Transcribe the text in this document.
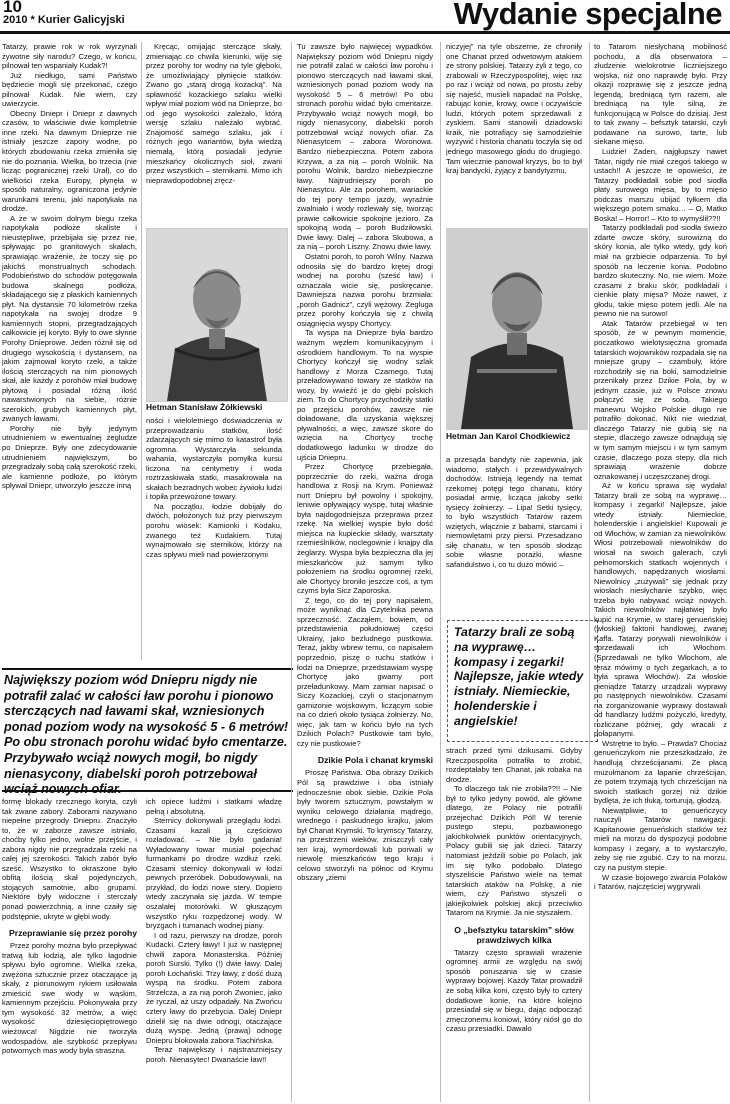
10
2010 * Kurier Galicyjski	Wydanie specjalne

Tatarzy, prawie rok w rok wyrzynali żywotne siły narodu? Czego, w końcu, pilnował ten wspaniały Kudak?!

Już niedługo, sami Państwo będziecie mogli się przekonać, czego pilnował Kudak. Nie wiem, czy uwierzycie.

Obecny Dniepr i Dniepr z dawnych czasów, to właściwie dwie kompletnie inne rzeki. Na dawnym Dnieprze nie istniały jeszcze zapory wodne, po których zbudowaniu rzeka zmieniła się nie do poznania. Wielka, bo trzecia (nie licząc pogranicznej rzeki Urał), co do wielkości rzeka Europy, płynęła w sposób naturalny, ograniczona jedynie warunkami terenu, jaki napotykała na drodze.

A że w swoim dolnym biegu rzeka napotykała podłoże skaliste i nieustępliwe, przebijała się przez nie, spływając po granitowych skałach, sprawiając wrażenie, że toczy się po jakichś monstrualnych schodach. Podobieństwo do schodów potęgowała budowa skalnego podłoża, składającego się z płaskich kamiennych płyt. Na dystansie 70 kilometrów rzeka napotykała na swojej drodze 9 kamiennych stopni, przegradzających całkowicie jej koryto. Były to owe słynne Porohy Dnieprowe. Jeden różnił się od drugiego wysokością i dystansem, na jakim zajmował koryto rzeki, a także ilością sterczących na nim pionowych skał, ale każdy z porohów miał budowę płytową i posiadał różną ilość nawarstwionych na siebie, różnie szerokich, grubych kamiennych płyt, zwanych ławami.

Porohy nie były jedynym utrudnieniem w ewentualnej żegludze po Dnieprze. Były one zdecydowanie utrudnieniem największym, bo przegradzały sobą całą szerokość rzeki, ale kamienne podłoże, po którym spływał Dniepr, utworzyło jeszcze inną

formę blokady rzecznego koryta, czyli tak zwane zabory. Zaborami nazywano niepełne przegrody Dniepru. Znaczyło to, że w zaborze zawsze istniało, choćby tylko jedno, wolne przejście, i zabora nigdy nie przegradzała rzeki na całej jej szerokości. Takich zabór było sześć. Wszystko to okraszone było obfitą ilością skał pojedynczych, stojących samotnie, albo grupami. Niektóre były widoczne i sterczały ponad powierzchnią, a inne czaiły się podstępnie, ukryte w głębi wody.

Przeprawianie się przez porohy

Przez porohy można było przepływać tratwą lub łodzią, ale tylko łagodnie spływu było ogromne. Wielka rzeka, zwężona sztucznie przez otaczające ją skały, z piorunowym rykiem usiłowała zmieścić swe wody w wąskim, kamiennym przejściu. Pokonywała przy tym wysokość 32 metrów, a więc wysokość dziesięciopiętrowego wieżowca! Nigdzie nie tworzyła wodospadów, ale szybkość przepływu potwornych mas wody była straszna.

Kręcąc, omijając sterczące skały, zmieniając co chwila kierunki, wiję się przez porohy tor wodny na tyle głęboki, że umożliwiający płynięcie statków. Zwano go „starą drogą kozacką”. Na spławność kozackiego szlaku wielki wpływ miał poziom wód na Dnieprze, bo od jego wysokości zależało, którą wersję szlaku należało wybrać. Znajomość samego szlaku, jak i różnych jego wariantów, była wiedzą niemałą, którą posiadali jedynie mieszkańcy okolicznych sioł, zwani przez wszystkich – sternikami. Mimo ich nieprawdopodobnej zręcz-

Hetman Stanisław Żółkiewski

ności i wieloletniego doświadczenia w przeprowadzaniu statków, ilość zdarzających się mimo to katastrof była ogromna. Wystarczyła sekunda wahania, wystarczyła pomyłka kursu liczona na centymetry i woda roztrzaskiwała statki, masakrowała na skałach bezradnych wobec żywiołu ludzi i topiła przewożone towary.

Na początku, łodzie dobijały do dwóch, położonych tuż przy pierwszym porohu wiosek: Kamionki i Kodaku, zwanego też Kudakiem. Tutaj wynajmowało się sterników, którzy na czas spływu mieli nad powierzonymi

ich opiece ludźmi i statkami władzę pełną i absolutną.

Sternicy dokonywali przeglądu łodzi. Czasami kazali ją częściowo rozładować. – Nie było gadania! Wyładowany towar musiał pojechać furmankami po drodze wzdłuż rzeki. Czasami sternicy dokonywali w łodzi pewnych przeróbek. Dobudowywali, na przykład, do łodzi nowe stery. Dopiero wtedy zaczynała się jazda. W tempie oszalałej motorówki. W głuszącym wszystko ryku rozpędzonej wody. W bryzgach i tumanach wodnej piany.

I od razu, pierwszy na drodze, poroh Kudacki. Cztery ławy! I już w następnej chwili zapora Monasterska. Później poroh Surski. Tylko (!) dwie ławy. Dalej poroh Łochański. Trzy ławy, z dość dużą wyspą na środku. Potem zabora Strzelcza, a za nią poroh Zwoniec, jako że ryczał, aż uszy odpadały. Na Zwońcu cztery ławy do przebycia. Dalej Dniepr dzielił się na dwie odnogi, otaczające dużą wyspę. Jedną (prawą) odnogę Dniepru blokowała zabora Tiachińska.

Teraz największy i najstraszniejszy poroh. Nienasytec! Dwanaście ław!!

Największy poziom wód Dniepru nigdy nie potrafił zalać w całości ław porohu i pionowo sterczących nad ławami skał, wzniesionych ponad poziom wody na wysokość 5 - 6 metrów! Po obu stronach porohu widać było cmentarze. Przybywało wciąż nowych mogił, bo nigdy nienasycony, diabelski poroh potrzebował wciąż nowych ofiar.

Tu zawsze było najwięcej wypadków. Największy poziom wód Dniepru nigdy nie potrafił zalać w całości ław porohu i pionowo sterczących nad ławami skał, wzniesionych ponad poziom wody na wysokość 5 – 6 metrów! Po obu stronach porohu widać było cmentarze. Przybywało wciąż nowych mogił, bo nigdy nienasycony, diabelski poroh potrzebował wciąż nowych ofiar. Za Nienasytcem – zabora Woronowa. Bardzo niebezpieczna. Potem zabora Krzywa, a za nią – poroh Wolnik. Na porohu Wolnik, bardzo niebezpieczne ławy. Najtrudniejszy poroh po Nienasytcu. Ale za porohem, wariackie do tej pory tempo jazdy, wyraźnie zwalniało i wody rozlewały się, tworząc prawie całkowicie spokojne jezioro. Za spokojną wodą – poroh Budziłowski. Dwie ławy. Dalej – zabora Skubowa, a za nią – poroh Liszny. Znowu dwie ławy.

Ostatni poroh, to poroh Wilny. Nazwa odnosiła się do bardzo krętej drogi wodnej na porohu (sześć ław) i oznaczała wicie się, poskręcanie. Dawniejsza nazwa porohu brzmiała: „poroh Gadnicz”, czyli wężowy. Żegluga przez porohy kończyła się z chwilą osiągnięcia wyspy Chortycy.

Ta wyspa na Dnieprze była bardzo ważnym węzłem komunikacyjnym i ośrodkiem handlowym. To na wyspie Chortycy kończył się wodny szlak handlowy z Morza Czarnego. Tutaj przeładowywano towary ze statków na wozy, by wwieźć je do głębi polskich ziem. To do Chortycy przychodziły statki po przejściu porohów, zawsze nie doładowane, dla uzyskania większej pływalności, a więc, zawsze skore do wzięcia na Chortycy trochę dodatkowego ładunku w drodze do ujścia Dniepru.

Przez Chortycę przebiegała, poprzecznie do rzeki, ważna droga handlowa z Rosji na Krym. Ponieważ nurt Dniepru był powolny i spokojny, leniwie opływający wyspę, tutaj właśnie była najdogodniejsza przeprawa przez rzekę. Na wielkiej wyspie było dość miejsca na kupieckie składy, warsztaty rzemieślników, noclegownie i knajpy dla żeglarzy. Wyspa była bezpieczna dla jej mieszkańców już samym tylko położeniem na środku ogromnej rzeki, ale Chortycy broniło jeszcze coś, a tym czymś była Sicz Zaporoska.

Z tego, co do tej pory napisałem, może wyniknąć dla Czytelnika pewna sprzeczność. Zacząłem, bowiem, od przedstawienia południowej części Ukrainy, jako bezludnego pustkowia. Teraz, jakby wbrew temu, co napisałem poprzednio, piszę o ruchu statków i łodzi na Dnieprze, przedstawiam wyspę Chortycę jako gwarny port przeładunkowy. Mam zamiar napisać o Siczy Kozackiej, czyli o stacjonarnym garnizonie wojskowym, liczącym sobie na co dzień około tysiąca żołnierzy. No, więc, jak tam w końcu było na tych Dzikich Polach? Pustkowie tam było, czy nie pustkowie?

Dzikie Pola i chanat krymski

Proszę Państwa. Oba obrazy Dzikich Pól są prawdziwe i oba istniały jednocześnie obok siebie. Dzikie Pola były tworem sztucznym, powstałym w wyniku celowego działania mądrego, wrednego i paskudnego krajku, jakim był Chanat Krymski. To krymscy Tatarzy, na przestrzeni wieków, zniszczyli cały ten kraj, wymordowali lub porwali w niewolę mieszkańców tego kraju i celowo stworzyli na północ od Krymu obszary „ziemi

niczyjej” na tyle obszerne, że chroniły one Chanat przed odwetowym atakiem ze strony polskiej. Tatarzy żyli z tego, co zrabowali w Rzeczypospolitej, więc raz po raz i wciąż od nowa, po prostu żeby się najeść, musieli napadać na Polskę, rabując konie, krowy, owce i oczywiście ludzi, których potem sprzedawali z zyskiem. Sami stanowili dziadowski kraik, nie potrafiący się samodzielnie wyżywić i historia chanatu toczyła się od jednego masowego głodu do drugiego. Tam wiecznie panował kryzys, bo to był kraj bandycki, żyjący z bandytyzmu,

Hetman Jan Karol Chodkiewicz

a przesąda bandyty nie zapewnia, jak wiadomo, stałych i przewidywalnych dochodów. Istnieją legendy na temat rzekomej potęgi tego chanatu, który posiadał armię, licząca jakoby setki tysięcy żołnierzy. – Lipa! Setki tysięcy, to było wszystkich Tatarów razem wziętych, włącznie z babami, starcami i niemowlętami przy piersi. Przesadzano siłę chanatu, w ten sposób słodząc sobie własne porażki, własne safandulstwo i, co tu dużo mówić –

Tatarzy brali ze sobą na wyprawę… kompasy i zegarki! Najlepsze, jakie wtedy istniały. Niemieckie, holenderskie i angielskie!

strach przed tymi dzikusami. Gdyby Rzeczpospolita potrafiła to zrobić, rozdeptałaby ten Chanat, jak robaka na drodze.

To dlaczego tak nie zrobiła??!! – Nie był to tylko jedyny powód, ale główne dlatego, że Polacy nie potrafili przejechać Dzikich Pól! W terenie pustego stepu, pozbawionego jakichkolwiek punktów orientacyjnych, Polacy gubili się jak dzieci. Tatarzy natomiast jeździli sobie po Polach, jak im się tylko podobało. Dlatego styszeliście Państwo wiele na temat tatarskich ataków na Polskę, a nie wiem, czy Państwo styszeli o jakiejkolwiek polskiej akcji przeciwko Tatarom na Krymie. Ja nie styszałem.

O „befsztyku tatarskim” słów prawdziwych kilka

Tatarzy często sprawiali wrażenie ogromnej armii ze względu na swój sposób poruszania się w czasie wyprawy bojowej. Każdy Tatar prowadził ze sobą kilka koni, często były to cztery dodatkowe konie, na które kolejno przesiadał się w biegu, dając odpocząć zmęczonemu koniowi, który niósł go do czasu przesiadki. Dawało

to Tatarom niesłychaną mobilność pochodu, a dla obserwatora – złudzenie wielokrotnie liczniejszego wojska, niż ono naprawdę było. Przy okazji rozprawię się z jeszcze jedną legendą, bredniącą tym razem, ale bredniącą na tyle silną, że funkcjonującą w Polsce do dzisiaj. Jest to tak zwany – befsztyk tatarski, czyli podawane na surowo, tarte, lub siekane mięso.

Ludzie! Żaden, najgłupszy nawet Tatar, nigdy nie miał czegoś takiego w ustach!! A jeszcze te opowieści, że Tatarzy podkładali sobie pod siodła płaty surowego mięsa, by to mięso podczas marszu ubijać tyłkiem dla większego potem smaku… – O, Matko Boska! – Horror! – Kto to wymyślił??!!

Tatarzy podkładali pod siodła świeżo zdarte owcze skóry, surowizną do skóry konia, ale tylko wtedy, gdy koń miał na grzbiecie odparzenia. To był sposób na leczenie konia. Podobno bardzo skuteczny. No, nie wiem. Może czasami z braku skór, podkładali i cienkie płaty mięsa? Może nawet, z głodu, takie mięso potem jedli. Ale na pewno nie na surowo!

Atak Tatarów przebiegał w ten sposób, że w pewnym momencie, poczatkowo wielotysięczna gromada tatarskich wojowników rozpadała się na mniejsze grupy – czambuły, które rozchodziły się na boki, samodzielnie przenikały przez Dzikie Pola, by w jednym czasie, już w Polsce znowu połączyć się ze sobą. Takiego manewru Wojsko Polskie długo nie potrafiło dokonać. Nikt nie wiedział, dlaczego Tatarzy nie gubią się na stepie, dlaczego zawsze odnajdują się w tym samym miejscu i w tym samym czasie, dlaczego poza stepy, dla nich sprawiają wrażenie dobrze oznakowanej i uczęszczanej drogi.

Aż w końcu sprawa się wydała! Tatarzy brali ze sobą na wyprawę… kompasy i zegarki! Najlepsze, jakie wtedy istniały. Niemieckie, holenderskie i angielskie! Kupowali je od Włochów, w zamian za niewolników. Włosi potrzebowali niewolników do wiosał na swoich galerach, czyli pełnomorskich statkach wojennych i handlowych, napędzanych wiosłami. Niewolnicy „zużywali” się jednak przy wiosłach niesłychanie szybko, więc trzeba było nabywać wciąż nowych. Takich niewolników najłatwiej było kupić na Krymie, w starej genueńskiej (włoskiej) faktorii handlowej, zwanej Kaffa. Tatarzy porywali niewolników i sprzedawali ich Włochom. (Sprzedawali ne tylko Włochom, ale teraz mówimy o tych zegarkach, a to była sprawa Włochów). Za włoskie pieniądze Tatarzy urządzali wyprawy po następnych niewolników. Czasami na zorganizowanie wyprawy dostawali od handlarzy ludźmi pożyczki, kredyty, rozliczane później, gdy wracali z połapanymi.

Wstrętne to było. – Prawda? Chociaż genueńczykom nie przeszkadzało, że handlują chrześcijanami. Ze płacą muzułmanom za łapanie chrześcijan, że potem trzymają tych chrześcijan na swoich statkach gorzej niż dzikie bydlęta, że ich tłuką, torturują, głodzą.

Niewątpliwie, to genueńczycy nauczyli Tatarów nawigacji. Kapitanowie genueńskich statków też mieli na morzu do dyspozycji podobne kompasy i zegary, a to wystarczyło, żeby się nie zgubić. Czy to na morzu, czy na pustym stepie.

W czasie bojowego zwarcia Polaków i Tatarów, najczęściej wygrywali
